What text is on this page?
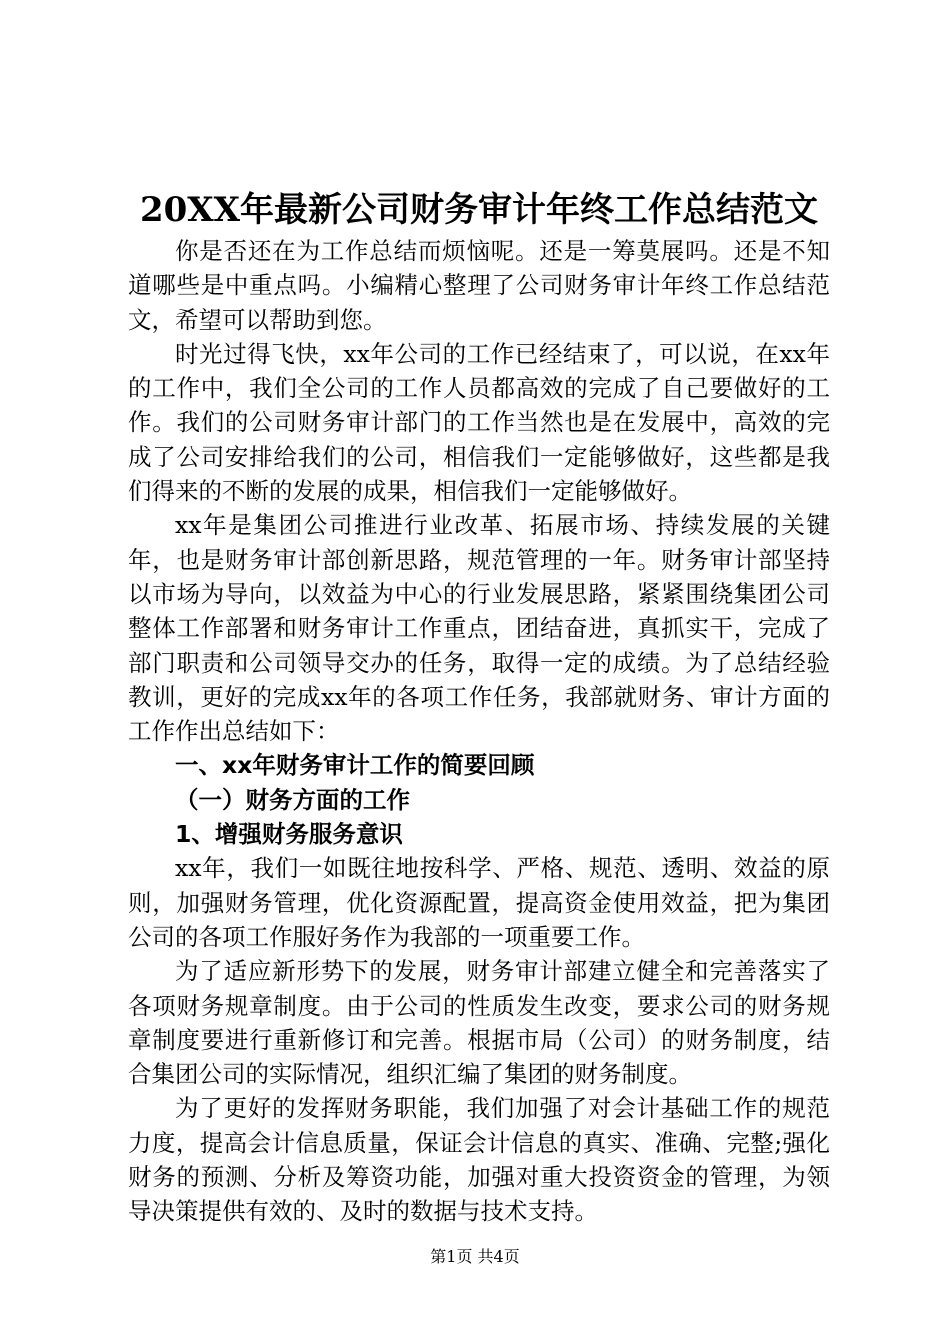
20XX年最新公司财务审计年终工作总结范文

你是否还在为工作总结而烦恼呢。还是一筹莫展吗。还是不知道哪些是中重点吗。小编精心整理了公司财务审计年终工作总结范文，希望可以帮助到您。

时光过得飞快，xx年公司的工作已经结束了，可以说，在xx年的工作中，我们全公司的工作人员都高效的完成了自己要做好的工作。我们的公司财务审计部门的工作当然也是在发展中，高效的完成了公司安排给我们的公司，相信我们一定能够做好，这些都是我们得来的不断的发展的成果，相信我们一定能够做好。

xx年是集团公司推进行业改革、拓展市场、持续发展的关键年，也是财务审计部创新思路，规范管理的一年。财务审计部坚持以市场为导向，以效益为中心的行业发展思路，紧紧围绕集团公司整体工作部署和财务审计工作重点，团结奋进，真抓实干，完成了部门职责和公司领导交办的任务，取得一定的成绩。为了总结经验教训，更好的完成xx年的各项工作任务，我部就财务、审计方面的工作作出总结如下：

一、xx年财务审计工作的简要回顾

（一）财务方面的工作

1、增强财务服务意识

xx年，我们一如既往地按科学、严格、规范、透明、效益的原则，加强财务管理，优化资源配置，提高资金使用效益，把为集团公司的各项工作服好务作为我部的一项重要工作。

为了适应新形势下的发展，财务审计部建立健全和完善落实了各项财务规章制度。由于公司的性质发生改变，要求公司的财务规章制度要进行重新修订和完善。根据市局（公司）的财务制度，结合集团公司的实际情况，组织汇编了集团的财务制度。

为了更好的发挥财务职能，我们加强了对会计基础工作的规范力度，提高会计信息质量，保证会计信息的真实、准确、完整;强化财务的预测、分析及筹资功能，加强对重大投资资金的管理，为领导决策提供有效的、及时的数据与技术支持。

第1页 共4页
